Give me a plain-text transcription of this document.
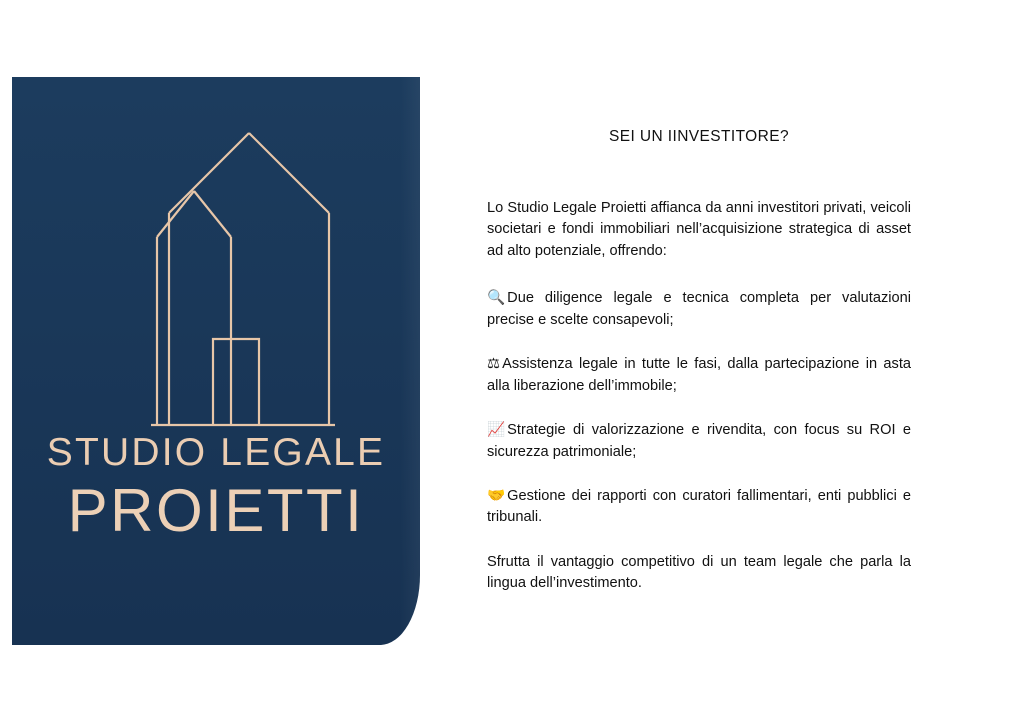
STUDIO LEGALE
PROIETTI
SEI UN IINVESTITORE?

Lo Studio Legale Proietti affianca da anni investitori privati, veicoli societari e fondi immobiliari nell’acquisizione strategica di asset ad alto potenziale, offrendo:

🔍 Due diligence legale e tecnica completa per valutazioni precise e scelte consapevoli;

⚖ Assistenza legale in tutte le fasi, dalla partecipazione in asta alla liberazione dell’immobile;

📈 Strategie di valorizzazione e rivendita, con focus su ROI e sicurezza patrimoniale;

🤝 Gestione dei rapporti con curatori fallimentari, enti pubblici e tribunali.

Sfrutta il vantaggio competitivo di un team legale che parla la lingua dell’investimento.
